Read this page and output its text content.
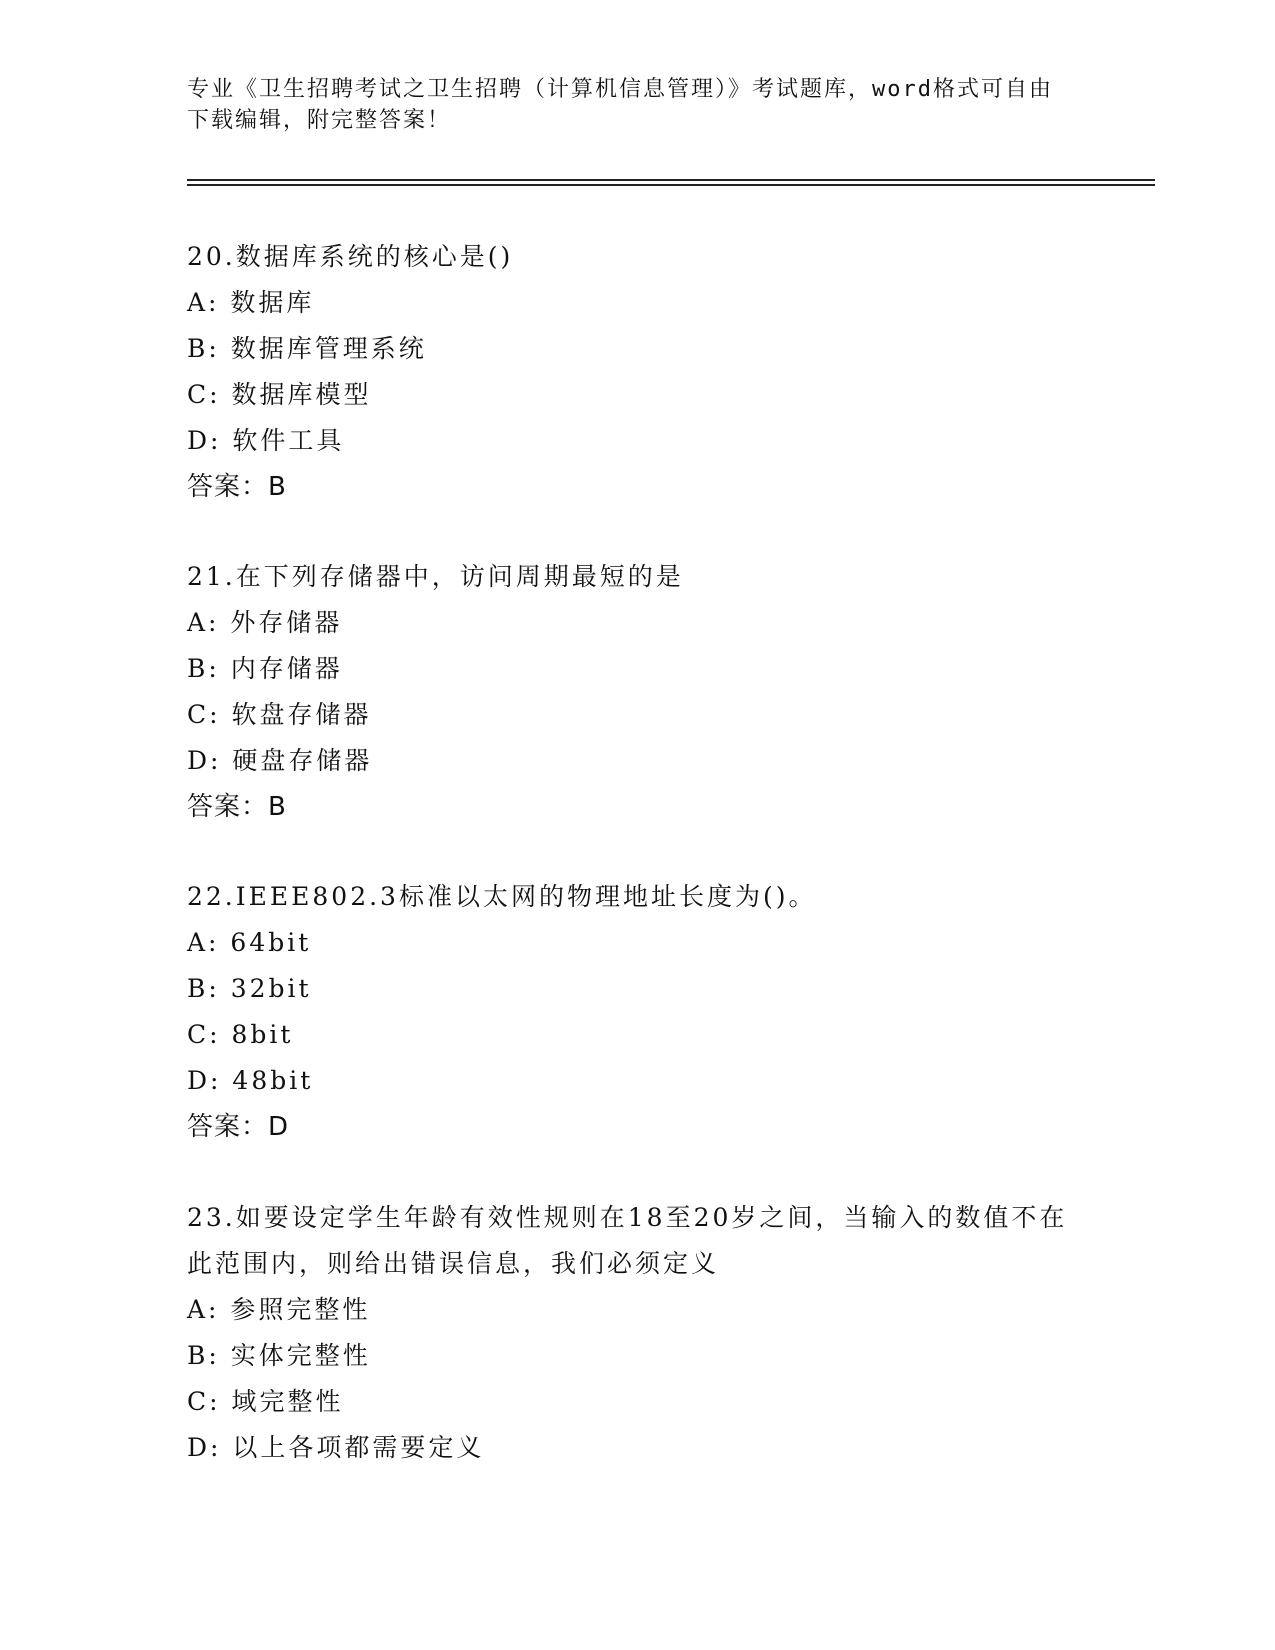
专业《卫生招聘考试之卫生招聘（计算机信息管理）》考试题库，word格式可自由下载编辑，附完整答案！

20.数据库系统的核心是()

A: 数据库

B: 数据库管理系统

C: 数据库模型

D: 软件工具

答案：B

21.在下列存储器中，访问周期最短的是

A: 外存储器

B: 内存储器

C: 软盘存储器

D: 硬盘存储器

答案：B

22.IEEE802.3标准以太网的物理地址长度为()。

A: 64bit

B: 32bit

C: 8bit

D: 48bit

答案：D

23.如要设定学生年龄有效性规则在18至20岁之间，当输入的数值不在此范围内，则给出错误信息，我们必须定义

A: 参照完整性

B: 实体完整性

C: 域完整性

D: 以上各项都需要定义
